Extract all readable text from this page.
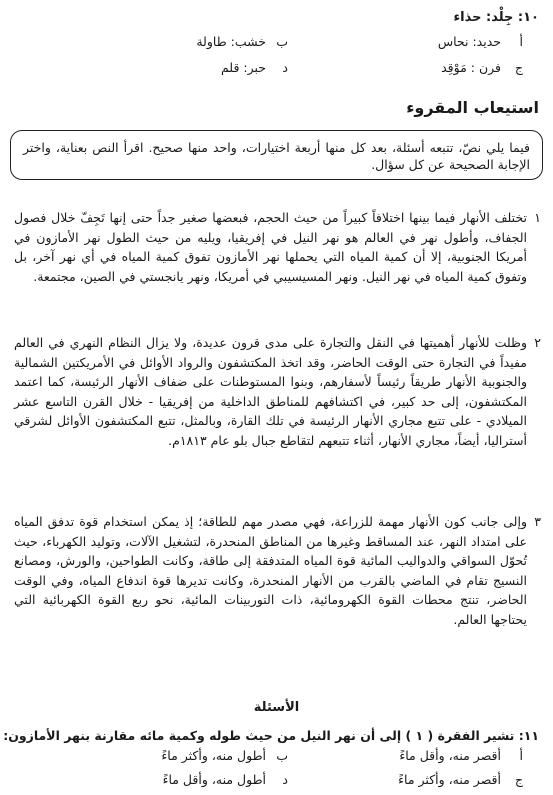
١٠: جِلْد: حذاء
أحديد: نحاس
بخشب: طاولة
جفرن : مَوْقِد
دحبر: قلم
استيعاب المقروء
فيما يلي نصّ، تتبعه أسئلة، بعد كل منها أربعة اختيارات، واحد منها صحيح. اقرأ النص بعناية، واختر الإجابة الصحيحة عن كل سؤال.
١
تختلف الأنهار فيما بينها اختلافاً كبيراً من حيث الحجم، فبعضها صغير جداً حتى إنها تَجِفّ خلال فصول الجفاف، وأطول نهر في العالم هو نهر النيل في إفريقيا، ويليه من حيث الطول نهر الأمازون في أمريكا الجنوبية، إلا أن كمية المياه التي يحملها نهر الأمازون تفوق كمية المياه في أي نهر آخر، بل وتفوق كمية المياه في نهر النيل. ونهر المسيسيبي في أمريكا، ونهر يانجستي في الصين، مجتمعة.
٢
وظلت للأنهار أهميتها في النقل والتجارة على مدى قرون عديدة، ولا يزال النظام النهري في العالم مفيداً في التجارة حتى الوقت الحاضر، وقد اتخذ المكتشفون والرواد الأوائل في الأمريكتين الشمالية والجنوبية الأنهار طريقاً رئيساً لأسفارهم، وبنوا المستوطنات على ضفاف الأنهار الرئيسة، كما اعتمد المكتشفون، إلى حد كبير، في اكتشافهم للمناطق الداخلية من إفريقيا - خلال القرن التاسع عشر الميلادي - على تتبع مجاري الأنهار الرئيسة في تلك القارة، وبالمثل، تتبع المكتشفون الأوائل لشرقي أستراليا، أيضاً، مجاري الأنهار، أثناء تتبعهم لتقاطع جبال بلو عام ١٨١٣م.
٣
وإلى جانب كون الأنهار مهمة للزراعة، فهي مصدر مهم للطاقة؛ إذ يمكن استخدام قوة تدفق المياه على امتداد النهر، عند المساقط وغيرها من المناطق المنحدرة، لتشغيل الآلات، وتوليد الكهرباء، حيث تُحوّل السواقي والدواليب المائية قوة المياه المتدفقة إلى طاقة، وكانت الطواحين، والورش، ومصانع النسيج تقام في الماضي بالقرب من الأنهار المنحدرة، وكانت تديرها قوة اندفاع المياه، وفي الوقت الحاضر، تنتج محطات القوة الكهرومائية، ذات التوربينات المائية، نحو ربع القوة الكهربائية التي يحتاجها العالم.
الأسئلة
١١: تشير الفقرة ( ١ ) إلى أن نهر النيل من حيث طوله وكمية مائه مقارنة بنهر الأمازون:
أأقصر منه، وأقل ماءً
بأطول منه، وأكثر ماءً
جأقصر منه، وأكثر ماءً
دأطول منه، وأقل ماءً
